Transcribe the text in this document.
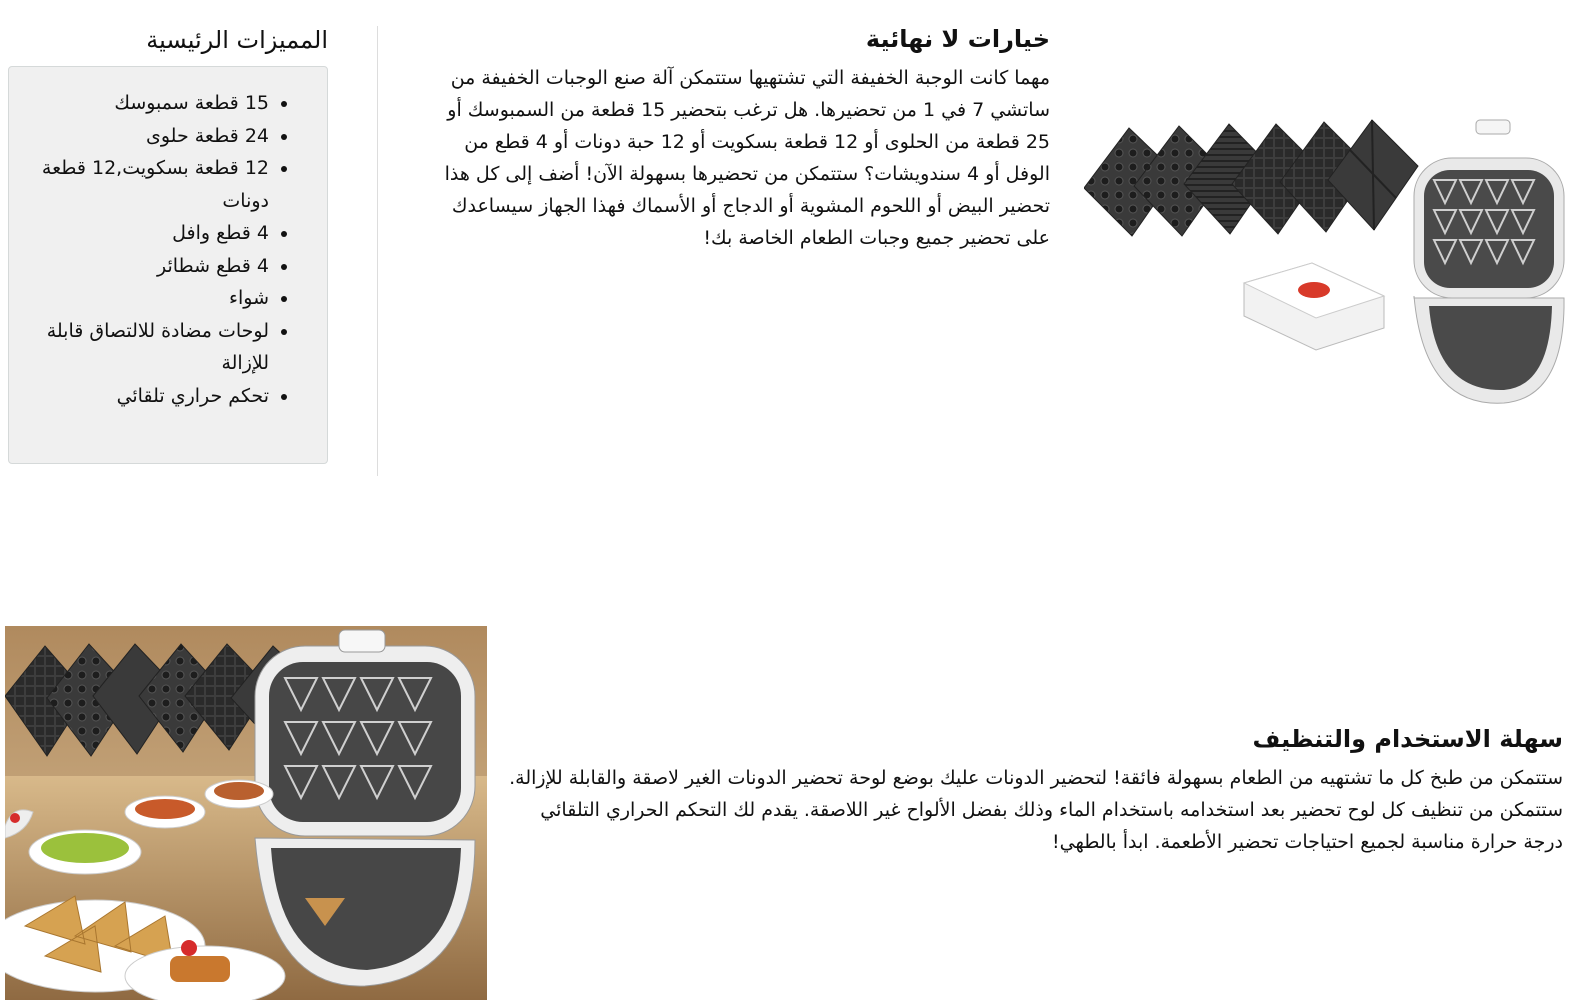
خيارات لا نهائية

مهما كانت الوجبة الخفيفة التي تشتهيها ستتمكن آلة صنع الوجبات الخفيفة من ساتشي 7 في 1 من تحضيرها. هل ترغب بتحضير 15 قطعة من السمبوسك أو 25 قطعة من الحلوى أو 12 قطعة بسكويت أو 12 حبة دونات أو 4 قطع من الوفل أو 4 سندويشات؟ ستتمكن من تحضيرها بسهولة الآن! أضف إلى كل هذا تحضير البيض أو اللحوم المشوية أو الدجاج أو الأسماك فهذا الجهاز سيساعدك على تحضير جميع وجبات الطعام الخاصة بك!

المميزات الرئيسية
• 15 قطعة سمبوسك
• 24 قطعة حلوى
• 12 قطعة بسكويت,12 قطعة دونات
• 4 قطع وافل
• 4 قطع شطائر
• شواء
• لوحات مضادة للالتصاق قابلة للإزالة
• تحكم حراري تلقائي
سهلة الاستخدام والتنظيف

ستتمكن من طبخ كل ما تشتهيه من الطعام بسهولة فائقة! لتحضير الدونات عليك بوضع لوحة تحضير الدونات الغير لاصقة والقابلة للإزالة. ستتمكن من تنظيف كل لوح تحضير بعد استخدامه باستخدام الماء وذلك بفضل الألواح غير اللاصقة. يقدم لك التحكم الحراري التلقائي درجة حرارة مناسبة لجميع احتياجات تحضير الأطعمة. ابدأ بالطهي!
